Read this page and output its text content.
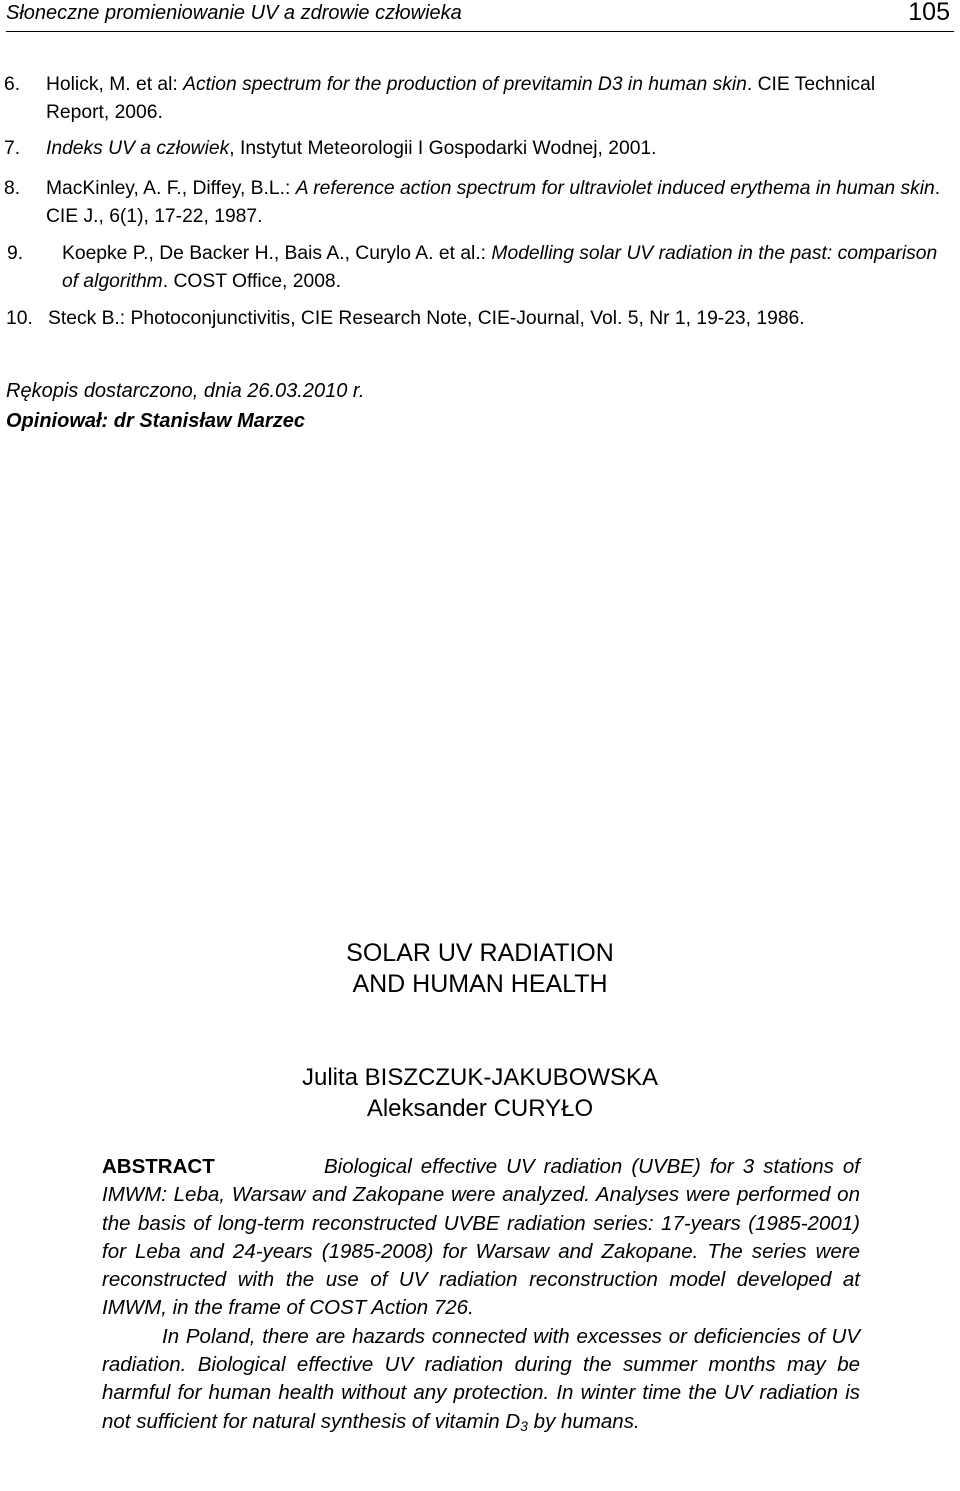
Słoneczne promieniowanie UV a zdrowie człowieka	105
6. Holick, M. et al: Action spectrum for the production of previtamin D3 in human skin. CIE Technical Report, 2006.
7. Indeks UV a człowiek, Instytut Meteorologii I Gospodarki Wodnej, 2001.
8. MacKinley, A. F., Diffey, B.L.: A reference action spectrum for ultraviolet induced erythema in human skin. CIE J., 6(1), 17-22, 1987.
9. Koepke P., De Backer H., Bais A., Curylo A. et al.: Modelling solar UV radiation in the past: comparison of algorithm. COST Office, 2008.
10. Steck B.: Photoconjunctivitis, CIE Research Note, CIE-Journal, Vol. 5, Nr 1, 19-23, 1986.
Rękopis dostarczono, dnia 26.03.2010 r.
Opiniował: dr Stanisław Marzec
SOLAR UV RADIATION
AND HUMAN HEALTH
Julita BISZCZUK-JAKUBOWSKA
Aleksander CURYŁO
ABSTRACT	Biological effective UV radiation (UVBE) for 3 stations of IMWM: Leba, Warsaw and Zakopane were analyzed. Analyses were performed on the basis of long-term reconstructed UVBE radiation series: 17-years (1985-2001) for Leba and 24-years (1985-2008) for Warsaw and Zakopane. The series were reconstructed with the use of UV radiation reconstruction model developed at IMWM, in the frame of COST Action 726.
In Poland, there are hazards connected with excesses or deficiencies of UV radiation. Biological effective UV radiation during the summer months may be harmful for human health without any protection. In winter time the UV radiation is not sufficient for natural synthesis of vitamin $D_3$ by humans.
